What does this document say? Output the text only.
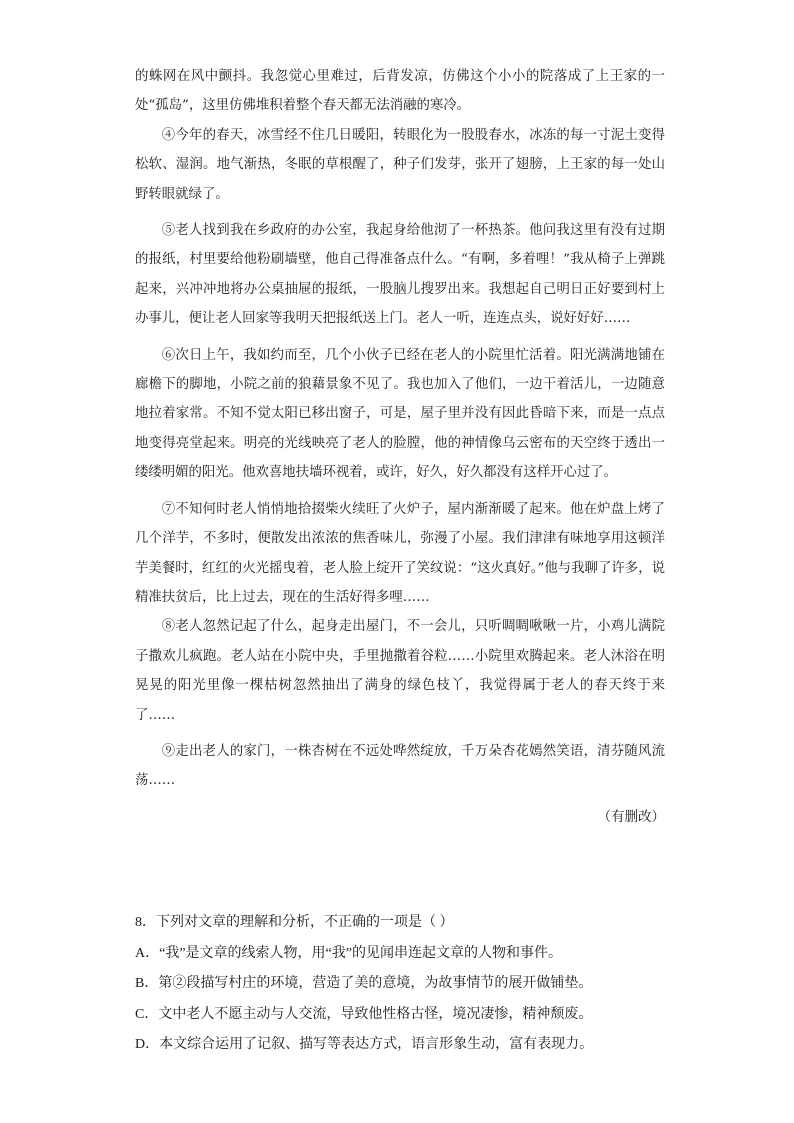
的蛛网在风中颤抖。我忽觉心里难过，后背发凉，仿佛这个小小的院落成了上王家的一处“孤岛”，这里仿佛堆积着整个春天都无法消融的寒冷。

④今年的春天，冰雪经不住几日暖阳，转眼化为一股股春水，冰冻的每一寸泥土变得松软、湿润。地气渐热，冬眠的草根醒了，种子们发芽，张开了翅膀，上王家的每一处山野转眼就绿了。

⑤老人找到我在乡政府的办公室，我起身给他沏了一杯热茶。他问我这里有没有过期的报纸，村里要给他粉刷墙壁，他自己得准备点什么。“有啊，多着哩！”我从椅子上弹跳起来，兴冲冲地将办公桌抽屉的报纸，一股脑儿搜罗出来。我想起自己明日正好要到村上办事儿，便让老人回家等我明天把报纸送上门。老人一听，连连点头，说好好好……

⑥次日上午，我如约而至，几个小伙子已经在老人的小院里忙活着。阳光满满地铺在廊檐下的脚地，小院之前的狼藉景象不见了。我也加入了他们，一边干着活儿，一边随意地拉着家常。不知不觉太阳已移出窗子，可是，屋子里并没有因此昏暗下来，而是一点点地变得亮堂起来。明亮的光线映亮了老人的脸膛，他的神情像乌云密布的天空终于透出一缕缕明媚的阳光。他欢喜地扶墙环视着，或许，好久，好久都没有这样开心过了。

⑦不知何时老人悄悄地拾掇柴火续旺了火炉子，屋内渐渐暖了起来。他在炉盘上烤了几个洋芋，不多时，便散发出浓浓的焦香味儿，弥漫了小屋。我们津津有味地享用这顿洋芋美餐时，红红的火光摇曳着，老人脸上绽开了笑纹说：“这火真好。”他与我聊了许多，说精准扶贫后，比上过去，现在的生活好得多哩……

⑧老人忽然记起了什么，起身走出屋门，不一会儿，只听啁啁啾啾一片，小鸡儿满院子撒欢儿疯跑。老人站在小院中央，手里抛撒着谷粒……小院里欢腾起来。老人沐浴在明晃晃的阳光里像一棵枯树忽然抽出了满身的绿色枝丫，我觉得属于老人的春天终于来了……

⑨走出老人的家门，一株杏树在不远处哗然绽放，千万朵杏花嫣然笑语，清芬随风流荡……

（有删改）

8．下列对文章的理解和分析，不正确的一项是（ ）

A．“我”是文章的线索人物，用“我”的见闻串连起文章的人物和事件。

B．第②段描写村庄的环境，营造了美的意境，为故事情节的展开做铺垫。

C．文中老人不愿主动与人交流，导致他性格古怪，境况凄惨，精神颓废。

D．本文综合运用了记叙、描写等表达方式，语言形象生动，富有表现力。
